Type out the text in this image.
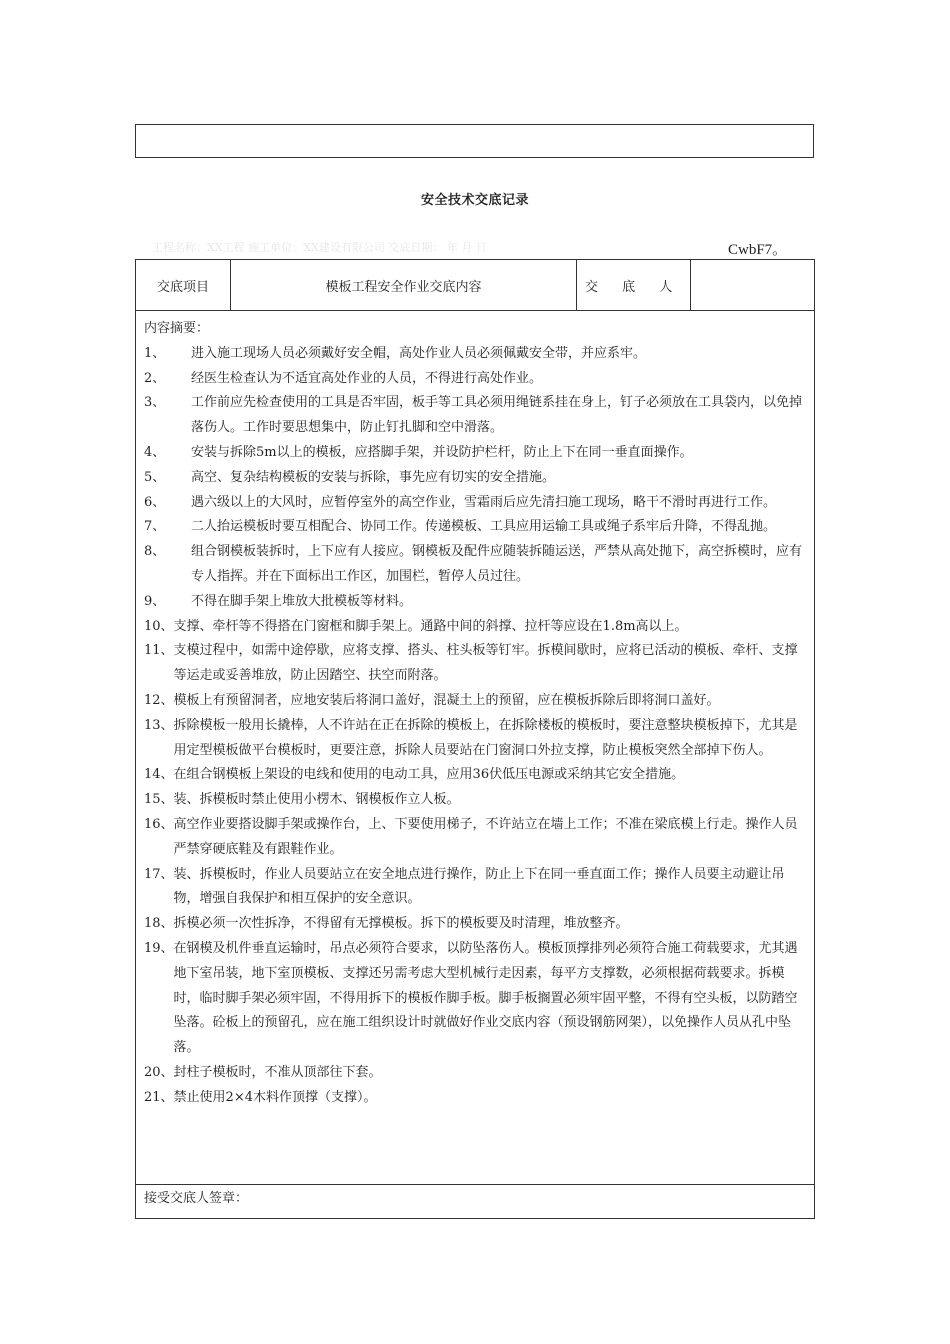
安全技术交底记录
工程名称：XX工程 施工单位：XX建设有限公司 交底日期： 年 月 日	CwbF7。
交底项目	模板工程安全作业交底内容	交 底 人

内容摘要：

1、	进入施工现场人员必须戴好安全帽，高处作业人员必须佩戴安全带，并应系牢。
2、	经医生检查认为不适宜高处作业的人员，不得进行高处作业。
3、	工作前应先检查使用的工具是否牢固，板手等工具必须用绳链系挂在身上，钉子必须放在工具袋内，以免掉落伤人。工作时要思想集中，防止钉扎脚和空中滑落。
4、	安装与拆除5m以上的模板，应搭脚手架，并设防护栏杆，防止上下在同一垂直面操作。
5、	高空、复杂结构模板的安装与拆除，事先应有切实的安全措施。
6、	遇六级以上的大风时，应暂停室外的高空作业，雪霜雨后应先清扫施工现场，略干不滑时再进行工作。
7、	二人抬运模板时要互相配合、协同工作。传递模板、工具应用运输工具或绳子系牢后升降，不得乱抛。
8、	组合钢模板装拆时，上下应有人接应。钢模板及配件应随装拆随运送，严禁从高处抛下，高空拆模时，应有专人指挥。并在下面标出工作区，加围栏，暂停人员过往。
9、	不得在脚手架上堆放大批模板等材料。
10、 支撑、牵杆等不得搭在门窗框和脚手架上。通路中间的斜撑、拉杆等应设在1.8m高以上。
11、 支模过程中，如需中途停歇，应将支撑、搭头、柱头板等钉牢。拆模间歇时，应将已活动的模板、牵杆、支撑等运走或妥善堆放，防止因踏空、扶空而附落。
12、 模板上有预留洞者，应地安装后将洞口盖好，混凝土上的预留，应在模板拆除后即将洞口盖好。
13、 拆除模板一般用长撬棒，人不许站在正在拆除的模板上，在拆除楼板的模板时，要注意整块模板掉下，尤其是用定型模板做平台模板时，更要注意，拆除人员要站在门窗洞口外拉支撑，防止模板突然全部掉下伤人。
14、 在组合钢模板上架设的电线和使用的电动工具，应用36伏低压电源或采纳其它安全措施。
15、 装、拆模板时禁止使用小楞木、钢模板作立人板。
16、 高空作业要搭设脚手架或操作台，上、下要使用梯子，不许站立在墙上工作；不准在梁底模上行走。操作人员严禁穿硬底鞋及有跟鞋作业。
17、 装、拆模板时，作业人员要站立在安全地点进行操作，防止上下在同一垂直面工作；操作人员要主动避让吊物，增强自我保护和相互保护的安全意识。
18、 拆模必须一次性拆净，不得留有无撑模板。拆下的模板要及时清理，堆放整齐。
19、 在钢模及机件垂直运输时，吊点必须符合要求，以防坠落伤人。模板顶撑排列必须符合施工荷载要求，尤其遇地下室吊装，地下室顶模板、支撑还另需考虑大型机械行走因素，每平方支撑数，必须根据荷载要求。拆模时，临时脚手架必须牢固，不得用拆下的模板作脚手板。脚手板搁置必须牢固平整，不得有空头板，以防踏空坠落。砼板上的预留孔，应在施工组织设计时就做好作业交底内容（预设钢筋网架），以免操作人员从孔中坠落。
20、 封柱子模板时，不准从顶部往下套。
21、 禁止使用2×4木料作顶撑（支撑）。
接受交底人签章：
